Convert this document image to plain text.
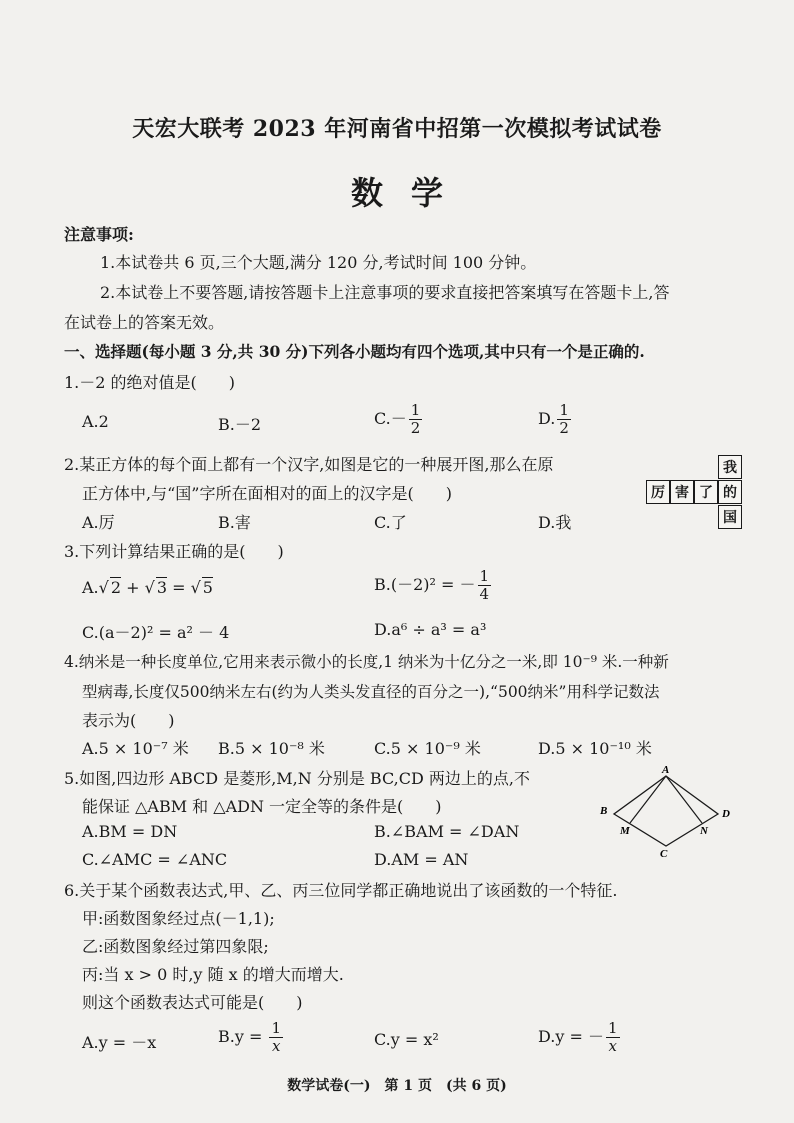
天宏大联考 2023 年河南省中招第一次模拟考试试卷
数学
注意事项:
1.本试卷共 6 页,三个大题,满分 120 分,考试时间 100 分钟。
2.本试卷上不要答题,请按答题卡上注意事项的要求直接把答案填写在答题卡上,答
在试卷上的答案无效。
一、选择题(每小题 3 分,共 30 分)下列各小题均有四个选项,其中只有一个是正确的.
1.－2 的绝对值是(　　)
A.2	B.－2	$C.- \frac{1}{2}$	D. $\frac{1}{2}$
2.某正方体的每个面上都有一个汉字,如图是它的一种展开图,那么在原
正方体中,与“国”字所在面相对的面上的汉字是(　　)
A.厉	B.害	C.了	D.我
我
厉 害 了 的
国
3.下列计算结果正确的是(　　)
A.√ 2 + √ 3 = √ 5	B.(－2)² = － $\frac{1}{4}$
C.(a－2)² = a² － 4	D.a⁶ ÷ a³ = a³
4.纳米是一种长度单位,它用来表示微小的长度,1 纳米为十亿分之一米,即 10⁻⁹ 米.一种新
型病毒,长度仅500纳米左右(约为人类头发直径的百分之一),“500纳米”用科学记数法
表示为(　　)
A.5 × 10⁻⁷ 米 B.5 × 10⁻⁸ 米	C.5 × 10⁻⁹ 米	D.5 × 10⁻¹⁰ 米
5.如图,四边形 ABCD 是菱形,M,N 分别是 BC,CD 两边上的点,不
能保证 △ABM 和 △ADN 一定全等的条件是(　　)
A.BM = DN	B.∠BAM = ∠DAN
C.∠AMC = ∠ANC	D.AM = AN
A
B
C
D
M	N
6.关于某个函数表达式,甲、乙、丙三位同学都正确地说出了该函数的一个特征.
甲:函数图象经过点(－1,1);
乙:函数图象经过第四象限;
丙:当 x > 0 时,y 随 x 的增大而增大.
则这个函数表达式可能是(　　)
A.y = －x	$B.y = \frac{1}{x}$	C.y = x²	D.y = － $\frac{1}{x}$
数学试卷(一)　第 1 页　(共 6 页)
